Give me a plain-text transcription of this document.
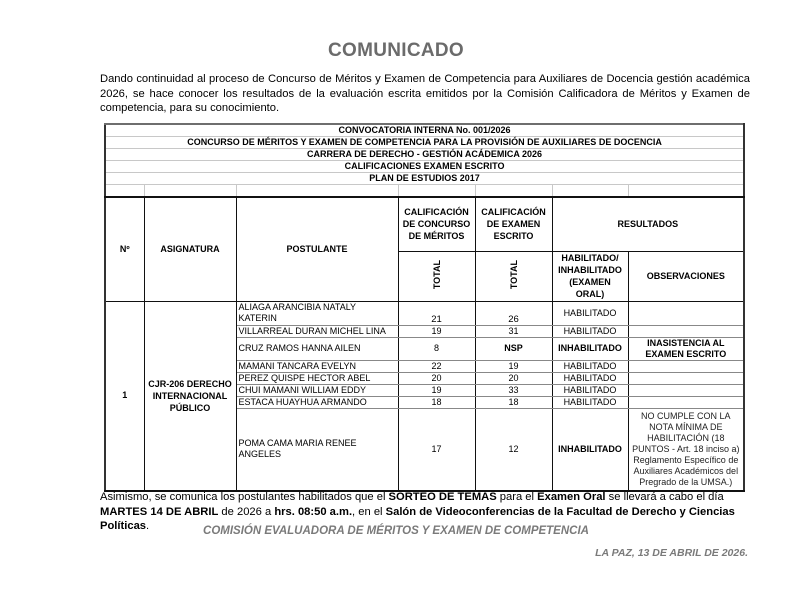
COMUNICADO
Dando continuidad al proceso de Concurso de Méritos y Examen de Competencia para Auxiliares de Docencia gestión académica 2026, se hace conocer los resultados de la evaluación escrita emitidos por la Comisión Calificadora de Méritos y Examen de competencia, para su conocimiento.
CONVOCATORIA INTERNA No. 001/2026						
CONCURSO DE MÉRITOS Y EXAMEN DE COMPETENCIA PARA LA PROVISIÓN DE AUXILIARES DE DOCENCIA						
CARRERA DE DERECHO - GESTIÓN ACÁDEMICA 2026						
CALIFICACIONES EXAMEN ESCRITO						
PLAN DE ESTUDIOS 2017						

Nº	ASIGNATURA	POSTULANTE	CALIFICACIÓN DE CONCURSO DE MÉRITOS	CALIFICACIÓN DE EXAMEN ESCRITO	RESULTADOS	
			TOTAL	TOTAL	HABILITADO/ INHABILITADO (EXAMEN ORAL)	OBSERVACIONES
1	CJR-206 DERECHO INTERNACIONAL PÚBLICO	ALIAGA ARANCIBIA NATALY KATERIN	21	26	HABILITADO	
		VILLARREAL DURAN MICHEL LINA	19	31	HABILITADO	
		CRUZ RAMOS HANNA AILEN	8	NSP	INHABILITADO	INASISTENCIA AL EXAMEN ESCRITO
		MAMANI TANCARA EVELYN	22	19	HABILITADO	
		PEREZ QUISPE HECTOR ABEL	20	20	HABILITADO	
		CHUI MAMANI WILLIAM EDDY	19	33	HABILITADO	
		ESTACA HUAYHUA ARMANDO	18	18	HABILITADO	
		POMA CAMA MARIA RENEE ANGELES	17	12	INHABILITADO	NO CUMPLE CON LA NOTA MÍNIMA DE HABILITACIÓN (18 PUNTOS - Art. 18 inciso a) Reglamento Específico de Auxiliares Académicos del Pregrado de la UMSA.)
Asimismo, se comunica los postulantes habilitados que el SORTEO DE TEMAS para el Examen Oral se llevará a cabo el día MARTES 14 DE ABRIL de 2026 a hrs. 08:50 a.m., en el Salón de Videoconferencias de la Facultad de Derecho y Ciencias Políticas.	COMISIÓN EVALUADORA DE MÉRITOS Y EXAMEN DE COMPETENCIA
LA PAZ, 13 DE ABRIL DE 2026.
